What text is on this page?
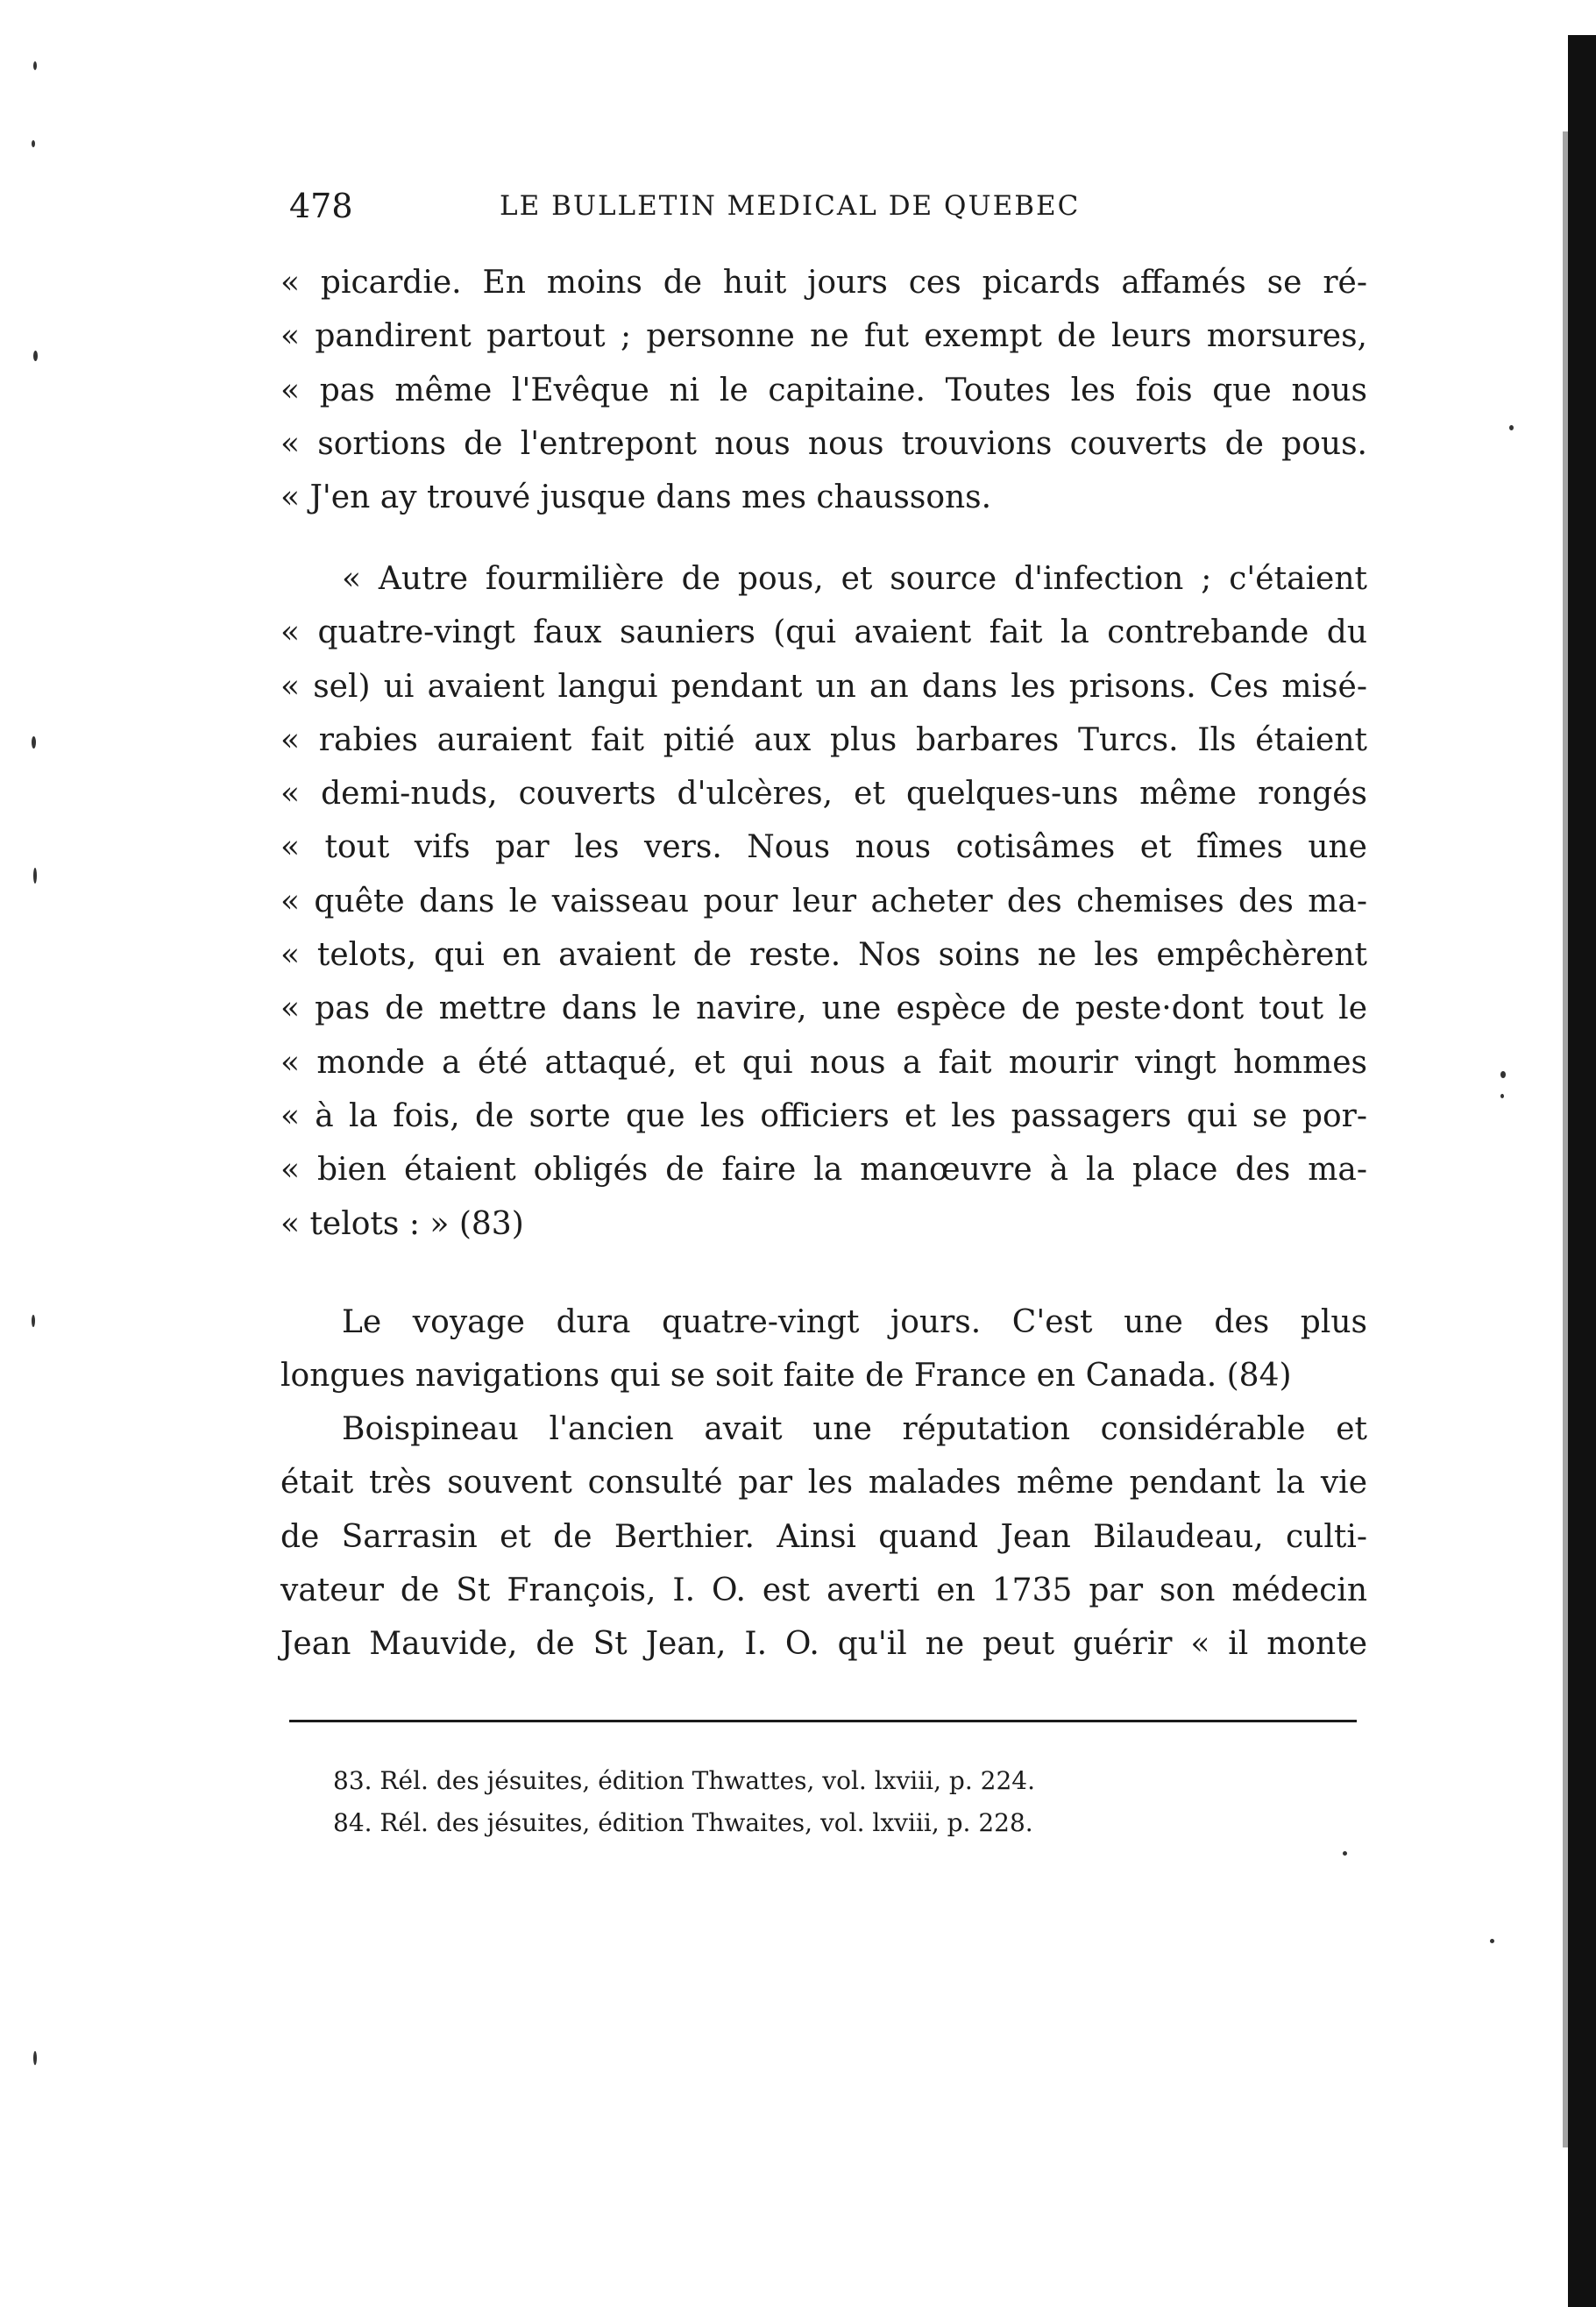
478	LE BULLETIN MEDICAL DE QUEBEC
« picardie. En moins de huit jours ces picards affamés se ré-
« pandirent partout ; personne ne fut exempt de leurs morsures,
« pas même l'Evêque ni le capitaine. Toutes les fois que nous
« sortions de l'entrepont nous nous trouvions couverts de pous.
« J'en ay trouvé jusque dans mes chaussons.
« Autre fourmilière de pous, et source d'infection ; c'étaient
« quatre-vingt faux sauniers (qui avaient fait la contrebande du
« sel) ui avaient langui pendant un an dans les prisons. Ces misé-
« rabies auraient fait pitié aux plus barbares Turcs. Ils étaient
« demi-nuds, couverts d'ulcères, et quelques-uns même rongés
« tout vifs par les vers. Nous nous cotisâmes et fîmes une
« quête dans le vaisseau pour leur acheter des chemises des ma-
« telots, qui en avaient de reste. Nos soins ne les empêchèrent
« pas de mettre dans le navire, une espèce de peste·dont tout le
« monde a été attaqué, et qui nous a fait mourir vingt hommes
« à la fois, de sorte que les officiers et les passagers qui se por-
« bien étaient obligés de faire la manœuvre à la place des ma-
« telots : » (83)
Le voyage dura quatre-vingt jours. C'est une des plus
longues navigations qui se soit faite de France en Canada. (84)
Boispineau l'ancien avait une réputation considérable et
était très souvent consulté par les malades même pendant la vie
de Sarrasin et de Berthier. Ainsi quand Jean Bilaudeau, culti-
vateur de St François, I. O. est averti en 1735 par son médecin
Jean Mauvide, de St Jean, I. O. qu'il ne peut guérir « il monte
83. Rél. des jésuites, édition Thwattes, vol. lxviii, p. 224.
84. Rél. des jésuites, édition Thwaites, vol. lxviii, p. 228.
